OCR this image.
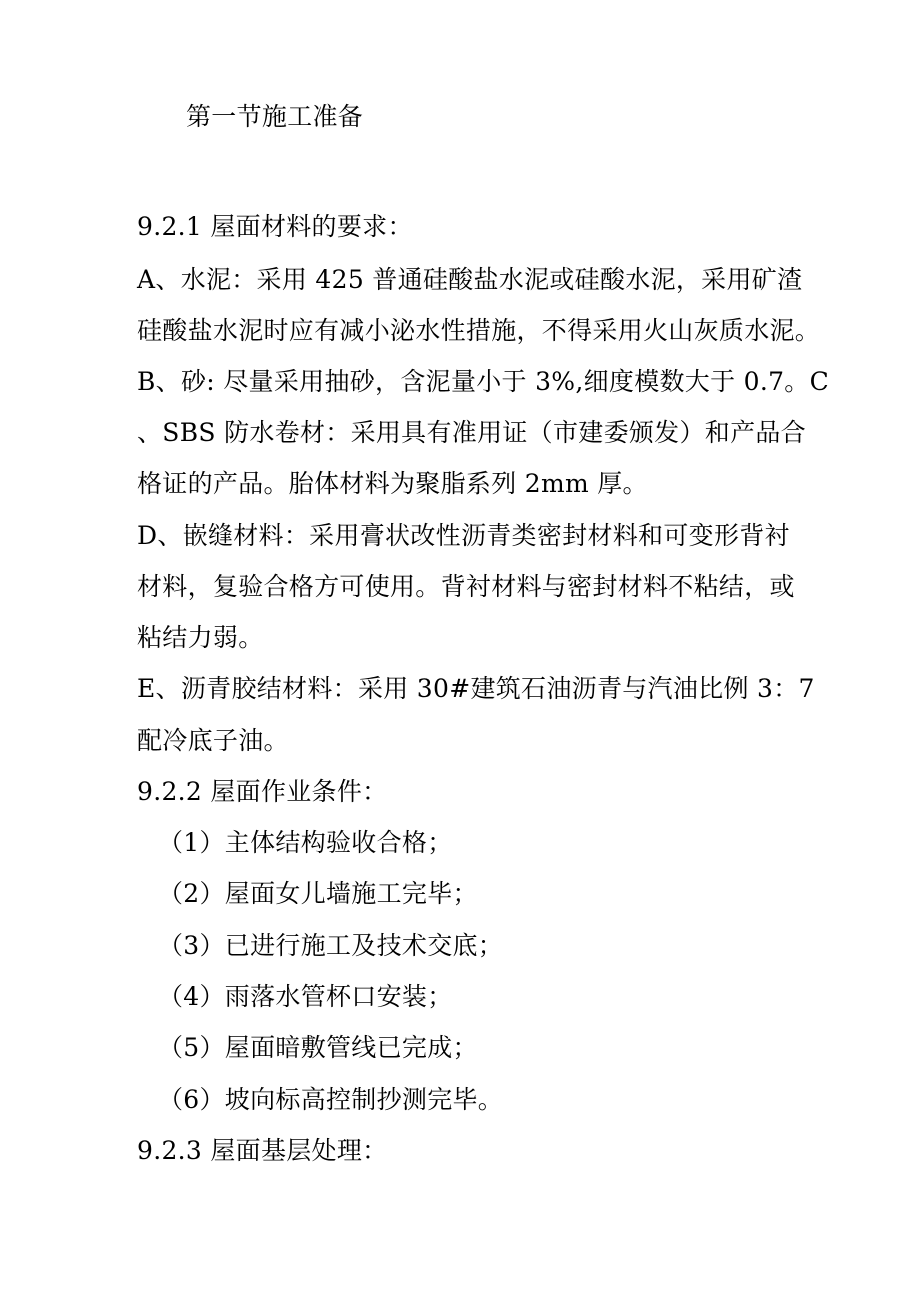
第一节施工准备
9.2.1 屋面材料的要求：
A、水泥：采用 425 普通硅酸盐水泥或硅酸水泥，采用矿渣
硅酸盐水泥时应有减小泌水性措施，不得采用火山灰质水泥。
B、砂: 尽量采用抽砂，含泥量小于 3%,细度模数大于 0.7。C
、SBS 防水卷材：采用具有准用证（市建委颁发）和产品合
格证的产品。胎体材料为聚脂系列 2mm 厚。
D、嵌缝材料：采用膏状改性沥青类密封材料和可变形背衬
材料，复验合格方可使用。背衬材料与密封材料不粘结，或
粘结力弱。
E、沥青胶结材料：采用 30#建筑石油沥青与汽油比例 3：7
配冷底子油。
9.2.2 屋面作业条件：
（1）主体结构验收合格；
（2）屋面女儿墙施工完毕；
（3）已进行施工及技术交底；
（4）雨落水管杯口安装；
（5）屋面暗敷管线已完成；
（6）坡向标高控制抄测完毕。
9.2.3 屋面基层处理：
